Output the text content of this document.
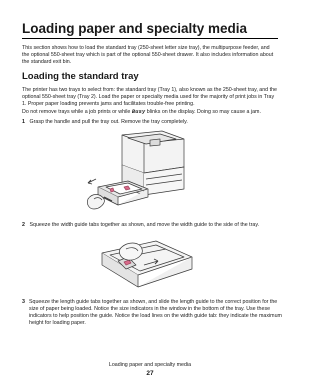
Loading paper and specialty media

This section shows how to load the standard tray (250-sheet letter size tray), the multipurpose feeder, and the optional 550-sheet tray which is part of the optional 550-sheet drawer. It also includes information about the standard exit bin.

Loading the standard tray

The printer has two trays to select from: the standard tray (Tray 1), also known as the 250-sheet tray, and the optional 550-sheet tray (Tray 2). Load the paper or specialty media used for the majority of print jobs in Tray 1. Proper paper loading prevents jams and facilitates trouble-free printing.

Do not remove trays while a job prints or while Busy blinks on the display. Doing so may cause a jam.

1 Grasp the handle and pull the tray out. Remove the tray completely.
2 Squeeze the width guide tabs together as shown, and move the width guide to the side of the tray.
3 Squeeze the length guide tabs together as shown, and slide the length guide to the correct position for the size of paper being loaded. Notice the size indicators in the window in the bottom of the tray. Use these indicators to help position the guide. Notice the load lines on the width guide tab: they indicate the maximum height for loading paper.
Loading paper and specialty media
27
